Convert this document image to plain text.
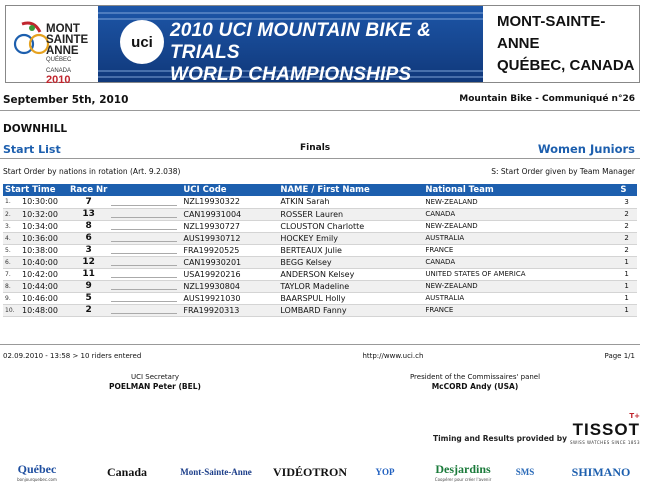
MONT
SAINTE
ANNE
QUÉBEC
CANADA 2010
uci
2010 UCI MOUNTAIN BIKE & TRIALS
WORLD CHAMPIONSHIPS
MONT-SAINTE-ANNE
QUÉBEC, CANADA
September 5th, 2010	Mountain Bike - Communiqué n°26
DOWNHILL
Start List	Finals	Women Juniors
Start Order by nations in rotation (Art. 9.2.038)	S: Start Order given by Team Manager
Start Time		Race Nr		UCI Code	NAME / First Name	National Team	S
1.	10:30:00	7		NZL19930322	ATKIN Sarah	NEW-ZEALAND	3
2.	10:32:00	13		CAN19931004	ROSSER Lauren	CANADA	2
3.	10:34:00	8		NZL19930727	CLOUSTON Charlotte	NEW-ZEALAND	2
4.	10:36:00	6		AUS19930712	HOCKEY Emily	AUSTRALIA	2
5.	10:38:00	3		FRA19920525	BERTEAUX Julie	FRANCE	2
6.	10:40:00	12		CAN19930201	BEGG Kelsey	CANADA	1
7.	10:42:00	11		USA19920216	ANDERSON Kelsey	UNITED STATES OF AMERICA	1
8.	10:44:00	9		NZL19930804	TAYLOR Madeline	NEW-ZEALAND	1
9.	10:46:00	5		AUS19921030	BAARSPUL Holly	AUSTRALIA	1
10.	10:48:00	2		FRA19920313	LOMBARD Fanny	FRANCE	1
02.09.2010 - 13:58 > 10 riders entered	http://www.uci.ch	Page 1/1
UCI Secretary
POELMAN Peter (BEL)
President of the Commissaires' panel
McCORD Andy (USA)
T+
TISSOT
SWISS WATCHES SINCE 1853
Timing and Results provided by
Québec
bonjourquebec.com
Canada	Mont-Sainte-Anne VIDÉOTRON	YOP	Desjardins
Coopérer pour créer l'avenir
SMS	SHIMANO
